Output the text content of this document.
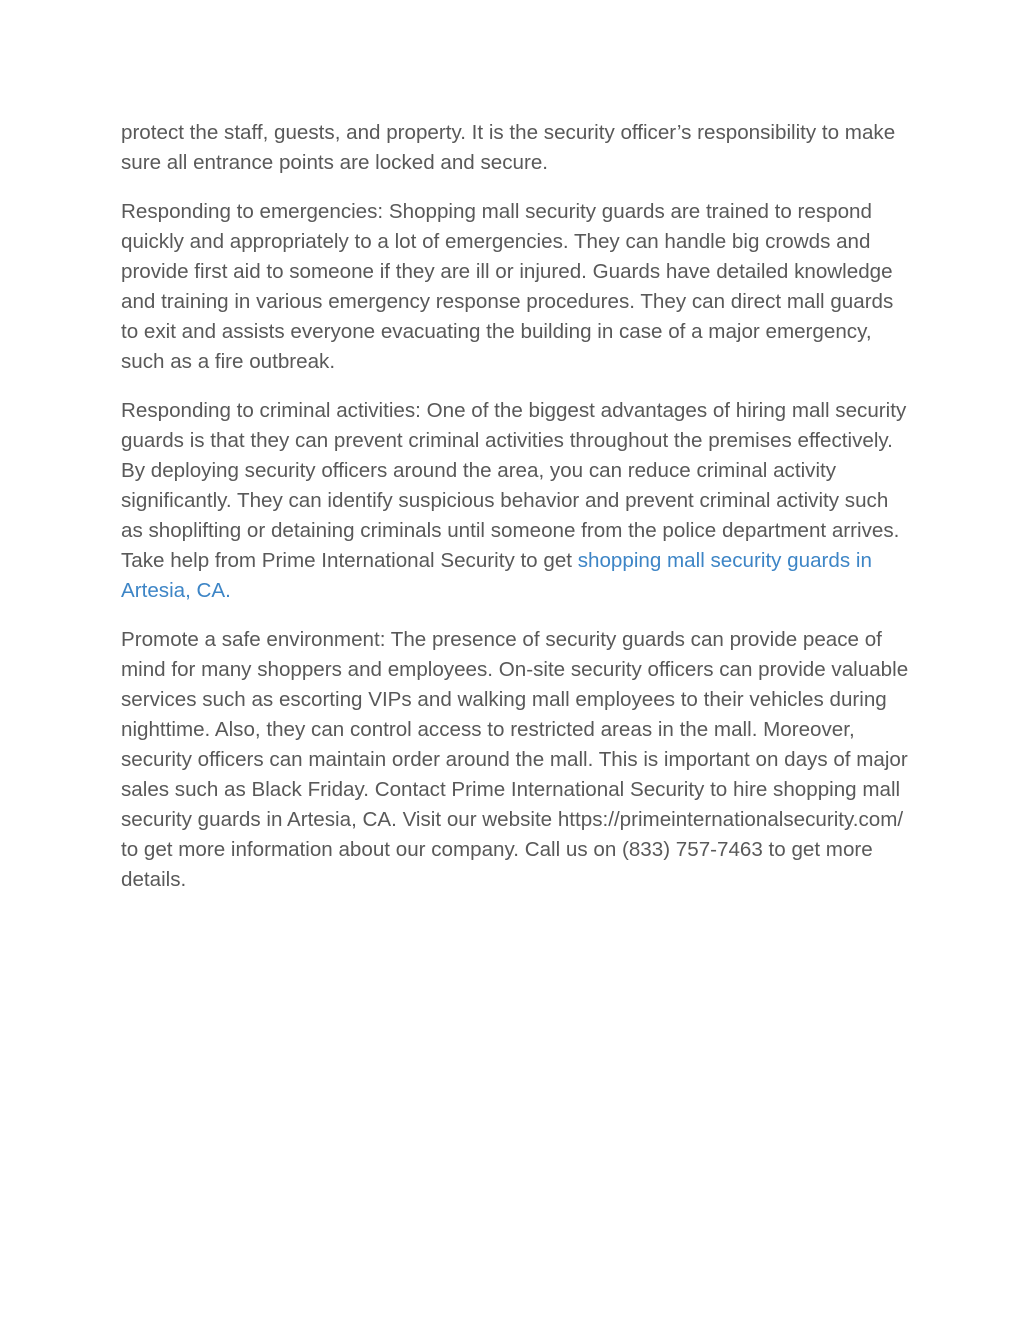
protect the staff, guests, and property. It is the security officer’s responsibility to make sure all entrance points are locked and secure.

Responding to emergencies: Shopping mall security guards are trained to respond quickly and appropriately to a lot of emergencies. They can handle big crowds and provide first aid to someone if they are ill or injured. Guards have detailed knowledge and training in various emergency response procedures. They can direct mall guards to exit and assists everyone evacuating the building in case of a major emergency, such as a fire outbreak.

Responding to criminal activities: One of the biggest advantages of hiring mall security guards is that they can prevent criminal activities throughout the premises effectively. By deploying security officers around the area, you can reduce criminal activity significantly. They can identify suspicious behavior and prevent criminal activity such as shoplifting or detaining criminals until someone from the police department arrives. Take help from Prime International Security to get shopping mall security guards in Artesia, CA.

Promote a safe environment: The presence of security guards can provide peace of mind for many shoppers and employees. On-site security officers can provide valuable services such as escorting VIPs and walking mall employees to their vehicles during nighttime. Also, they can control access to restricted areas in the mall. Moreover, security officers can maintain order around the mall. This is important on days of major sales such as Black Friday. Contact Prime International Security to hire shopping mall security guards in Artesia, CA. Visit our website https://primeinternationalsecurity.com/ to get more information about our company. Call us on (833) 757-7463 to get more details.
